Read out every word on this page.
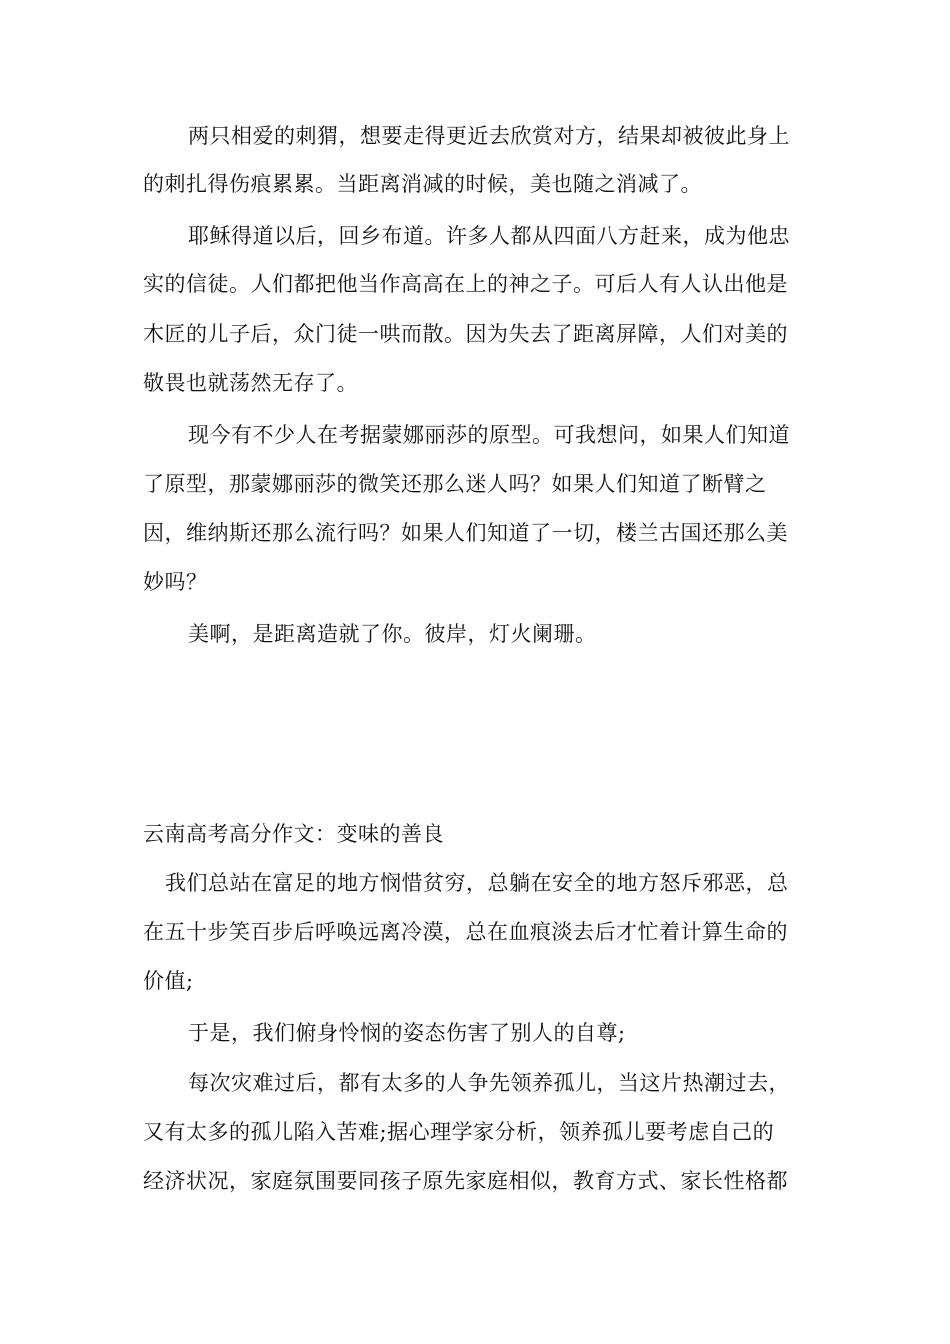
两只相爱的刺猬，想要走得更近去欣赏对方，结果却被彼此身上

的刺扎得伤痕累累。当距离消减的时候，美也随之消减了。

耶稣得道以后，回乡布道。许多人都从四面八方赶来，成为他忠

实的信徒。人们都把他当作高高在上的神之子。可后人有人认出他是

木匠的儿子后，众门徒一哄而散。因为失去了距离屏障，人们对美的

敬畏也就荡然无存了。

现今有不少人在考据蒙娜丽莎的原型。可我想问，如果人们知道

了原型，那蒙娜丽莎的微笑还那么迷人吗？如果人们知道了断臂之

因，维纳斯还那么流行吗？如果人们知道了一切，楼兰古国还那么美

妙吗？

美啊，是距离造就了你。彼岸，灯火阑珊。

云南高考高分作文：变味的善良

我们总站在富足的地方悯惜贫穷，总躺在安全的地方怒斥邪恶，总

在五十步笑百步后呼唤远离冷漠，总在血痕淡去后才忙着计算生命的

价值;

于是，我们俯身怜悯的姿态伤害了别人的自尊;

每次灾难过后，都有太多的人争先领养孤儿，当这片热潮过去，

又有太多的孤儿陷入苦难;据心理学家分析，领养孤儿要考虑自己的

经济状况，家庭氛围要同孩子原先家庭相似，教育方式、家长性格都
